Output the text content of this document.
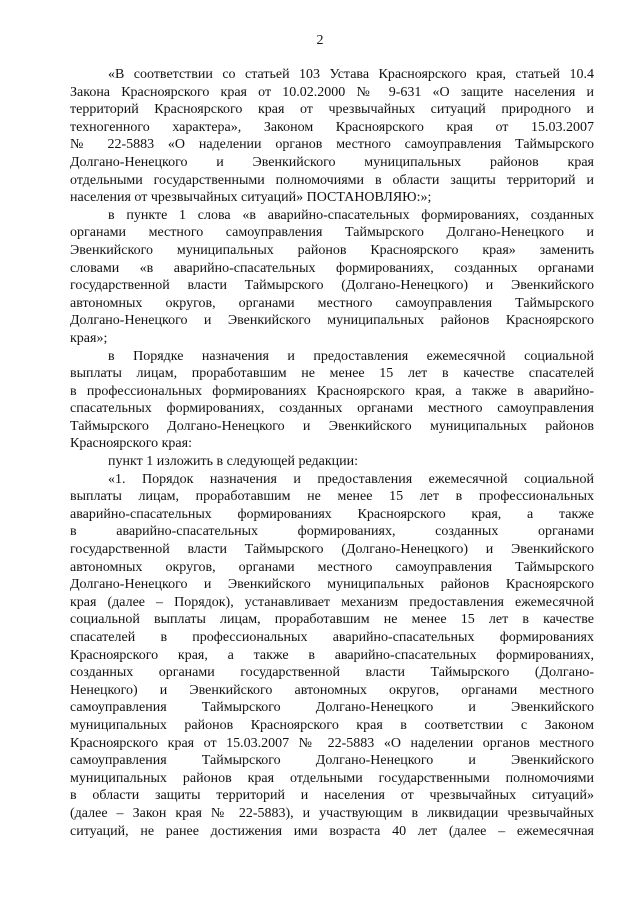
2
«В соответствии со статьей 103 Устава Красноярского края, статьей 10.4
Закона Красноярского края от 10.02.2000 № 9-631 «О защите населения и
территорий Красноярского края от чрезвычайных ситуаций природного и
техногенного характера», Законом Красноярского края от 15.03.2007
№ 22-5883 «О наделении органов местного самоуправления Таймырского
Долгано-Ненецкого и Эвенкийского муниципальных районов края
отдельными государственными полномочиями в области защиты территорий и
населения от чрезвычайных ситуаций» ПОСТАНОВЛЯЮ:»;
в пункте 1 слова «в аварийно-спасательных формированиях, созданных
органами местного самоуправления Таймырского Долгано-Ненецкого и
Эвенкийского муниципальных районов Красноярского края» заменить
словами «в аварийно-спасательных формированиях, созданных органами
государственной власти Таймырского (Долгано-Ненецкого) и Эвенкийского
автономных округов, органами местного самоуправления Таймырского
Долгано-Ненецкого и Эвенкийского муниципальных районов Красноярского
края»;
в Порядке назначения и предоставления ежемесячной социальной
выплаты лицам, проработавшим не менее 15 лет в качестве спасателей
в профессиональных формированиях Красноярского края, а также в аварийно-
спасательных формированиях, созданных органами местного самоуправления
Таймырского Долгано-Ненецкого и Эвенкийского муниципальных районов
Красноярского края:
пункт 1 изложить в следующей редакции:
«1. Порядок назначения и предоставления ежемесячной социальной
выплаты лицам, проработавшим не менее 15 лет в профессиональных
аварийно-спасательных формированиях Красноярского края, а также
в аварийно-спасательных формированиях, созданных органами
государственной власти Таймырского (Долгано-Ненецкого) и Эвенкийского
автономных округов, органами местного самоуправления Таймырского
Долгано-Ненецкого и Эвенкийского муниципальных районов Красноярского
края (далее – Порядок), устанавливает механизм предоставления ежемесячной
социальной выплаты лицам, проработавшим не менее 15 лет в качестве
спасателей в профессиональных аварийно-спасательных формированиях
Красноярского края, а также в аварийно-спасательных формированиях,
созданных органами государственной власти Таймырского (Долгано-
Ненецкого) и Эвенкийского автономных округов, органами местного
самоуправления Таймырского Долгано-Ненецкого и Эвенкийского
муниципальных районов Красноярского края в соответствии с Законом
Красноярского края от 15.03.2007 № 22-5883 «О наделении органов местного
самоуправления Таймырского Долгано-Ненецкого и Эвенкийского
муниципальных районов края отдельными государственными полномочиями
в области защиты территорий и населения от чрезвычайных ситуаций»
(далее – Закон края № 22-5883), и участвующим в ликвидации чрезвычайных
ситуаций, не ранее достижения ими возраста 40 лет (далее – ежемесячная
